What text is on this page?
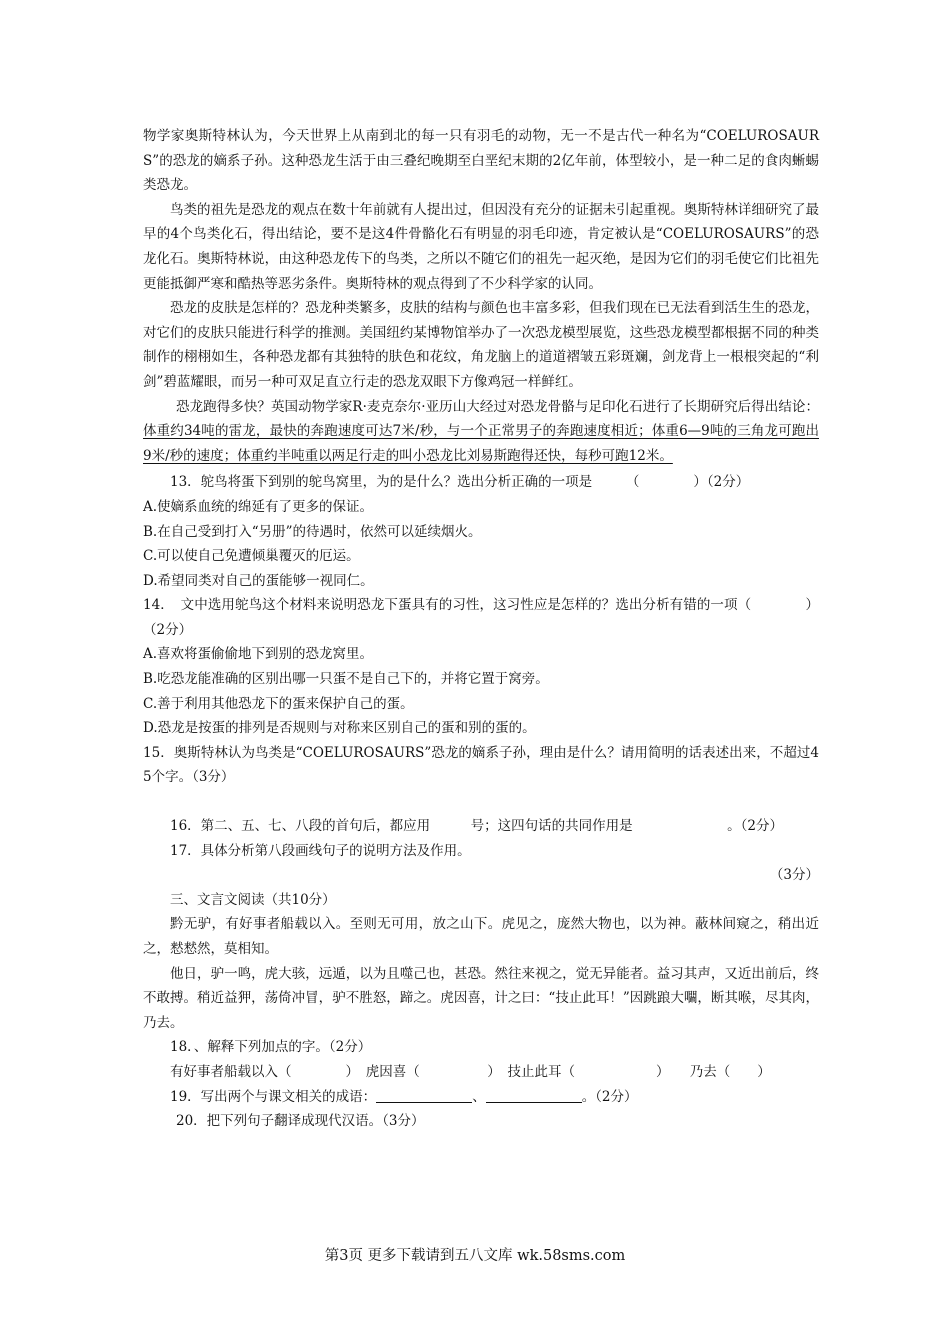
物学家奥斯特林认为，今天世界上从南到北的每一只有羽毛的动物，无一不是古代一种名为“COELUROSAURS”的恐龙的嫡系子孙。这种恐龙生活于由三叠纪晚期至白垩纪末期的2亿年前，体型较小，是一种二足的食肉蜥蜴类恐龙。

鸟类的祖先是恐龙的观点在数十年前就有人提出过，但因没有充分的证据未引起重视。奥斯特林详细研究了最早的4个鸟类化石，得出结论，要不是这4件骨骼化石有明显的羽毛印迹，肯定被认是“COELUROSAURS”的恐龙化石。奥斯特林说，由这种恐龙传下的鸟类，之所以不随它们的祖先一起灭绝，是因为它们的羽毛使它们比祖先更能抵御严寒和酷热等恶劣条件。奥斯特林的观点得到了不少科学家的认同。

恐龙的皮肤是怎样的？恐龙种类繁多，皮肤的结构与颜色也丰富多彩，但我们现在已无法看到活生生的恐龙，对它们的皮肤只能进行科学的推测。美国纽约某博物馆举办了一次恐龙模型展览，这些恐龙模型都根据不同的种类制作的栩栩如生，各种恐龙都有其独特的肤色和花纹，角龙脑上的道道褶皱五彩斑斓，剑龙背上一根根突起的“利剑”碧蓝耀眼，而另一种可双足直立行走的恐龙双眼下方像鸡冠一样鲜红。

恐龙跑得多快？英国动物学家R·麦克奈尔·亚历山大经过对恐龙骨骼与足印化石进行了长期研究后得出结论：体重约34吨的雷龙，最快的奔跑速度可达7米/秒，与一个正常男子的奔跑速度相近；体重6—9吨的三角龙可跑出9米/秒的速度；体重约半吨重以两足行走的叫小恐龙比刘易斯跑得还快，每秒可跑12米。

13．鸵鸟将蛋下到别的鸵鸟窝里，为的是什么？选出分析正确的一项是　　　（　　　　）（2分）

A.使嫡系血统的绵延有了更多的保证。

B.在自己受到打入“另册”的待遇时，依然可以延续烟火。

C.可以使自己免遭倾巢覆灭的厄运。

D.希望同类对自己的蛋能够一视同仁。

14．　文中选用鸵鸟这个材料来说明恐龙下蛋具有的习性，这习性应是怎样的？选出分析有错的一项（　　　　）（2分）

A.喜欢将蛋偷偷地下到别的恐龙窝里。

B.吃恐龙能准确的区别出哪一只蛋不是自己下的，并将它置于窝旁。

C.善于利用其他恐龙下的蛋来保护自己的蛋。

D.恐龙是按蛋的排列是否规则与对称来区别自己的蛋和别的蛋的。

15．奥斯特林认为鸟类是“COELUROSAURS”恐龙的嫡系子孙，理由是什么？请用简明的话表述出来，不超过45个字。（3分）

16．第二、五、七、八段的首句后，都应用　　　号；这四句话的共同作用是　　　　　　　。（2分）

17．具体分析第八段画线句子的说明方法及作用。

（3分）

三、文言文阅读（共10分）

黔无驴，有好事者船载以入。至则无可用，放之山下。虎见之，庞然大物也，以为神。蔽林间窥之，稍出近之，慭慭然，莫相知。

他日，驴一鸣，虎大骇，远遁，以为且噬己也，甚恐。然往来视之，觉无异能者。益习其声，又近出前后，终不敢搏。稍近益狎，荡倚冲冒，驴不胜怒，蹄之。虎因喜，计之曰：“技止此耳！”因跳踉大㘚，断其喉，尽其肉，乃去。

18．、解释下列加点的字。（2分）

有好事者船载以入（　　　　）　虎因喜（　　　　　）　技止此耳（　　　　　　）　　乃去（　　）

19．写出两个与课文相关的成语：	、	。（2分）

20．把下列句子翻译成现代汉语。（3分）

第3页 更多下载请到五八文库 wk.58sms.com
